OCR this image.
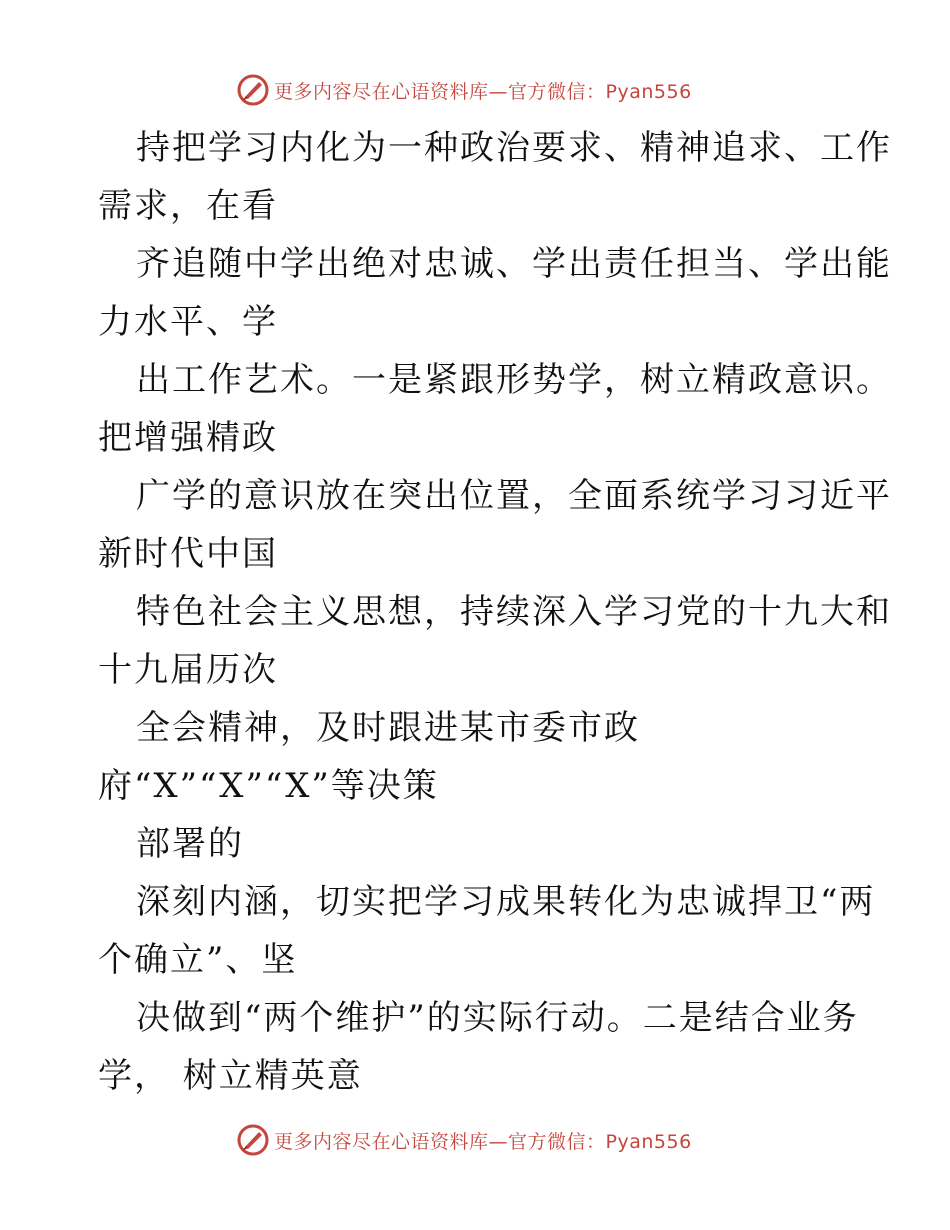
更多内容尽在心语资料库—官方微信：Pyan556
持把学习内化为一种政治要求、精神追求、工作
需求，在看
齐追随中学出绝对忠诚、学出责任担当、学出能
力水平、学
出工作艺术。一是紧跟形势学，树立精政意识。
把增强精政
广学的意识放在突出位置，全面系统学习习近平
新时代中国
特色社会主义思想，持续深入学习党的十九大和
十九届历次
全会精神，及时跟进某市委市政
府“X”“X”“X”等决策
部署的
深刻内涵，切实把学习成果转化为忠诚捍卫“两
个确立”、坚
决做到“两个维护”的实际行动。二是结合业务
学， 树立精英意
更多内容尽在心语资料库—官方微信：Pyan556
